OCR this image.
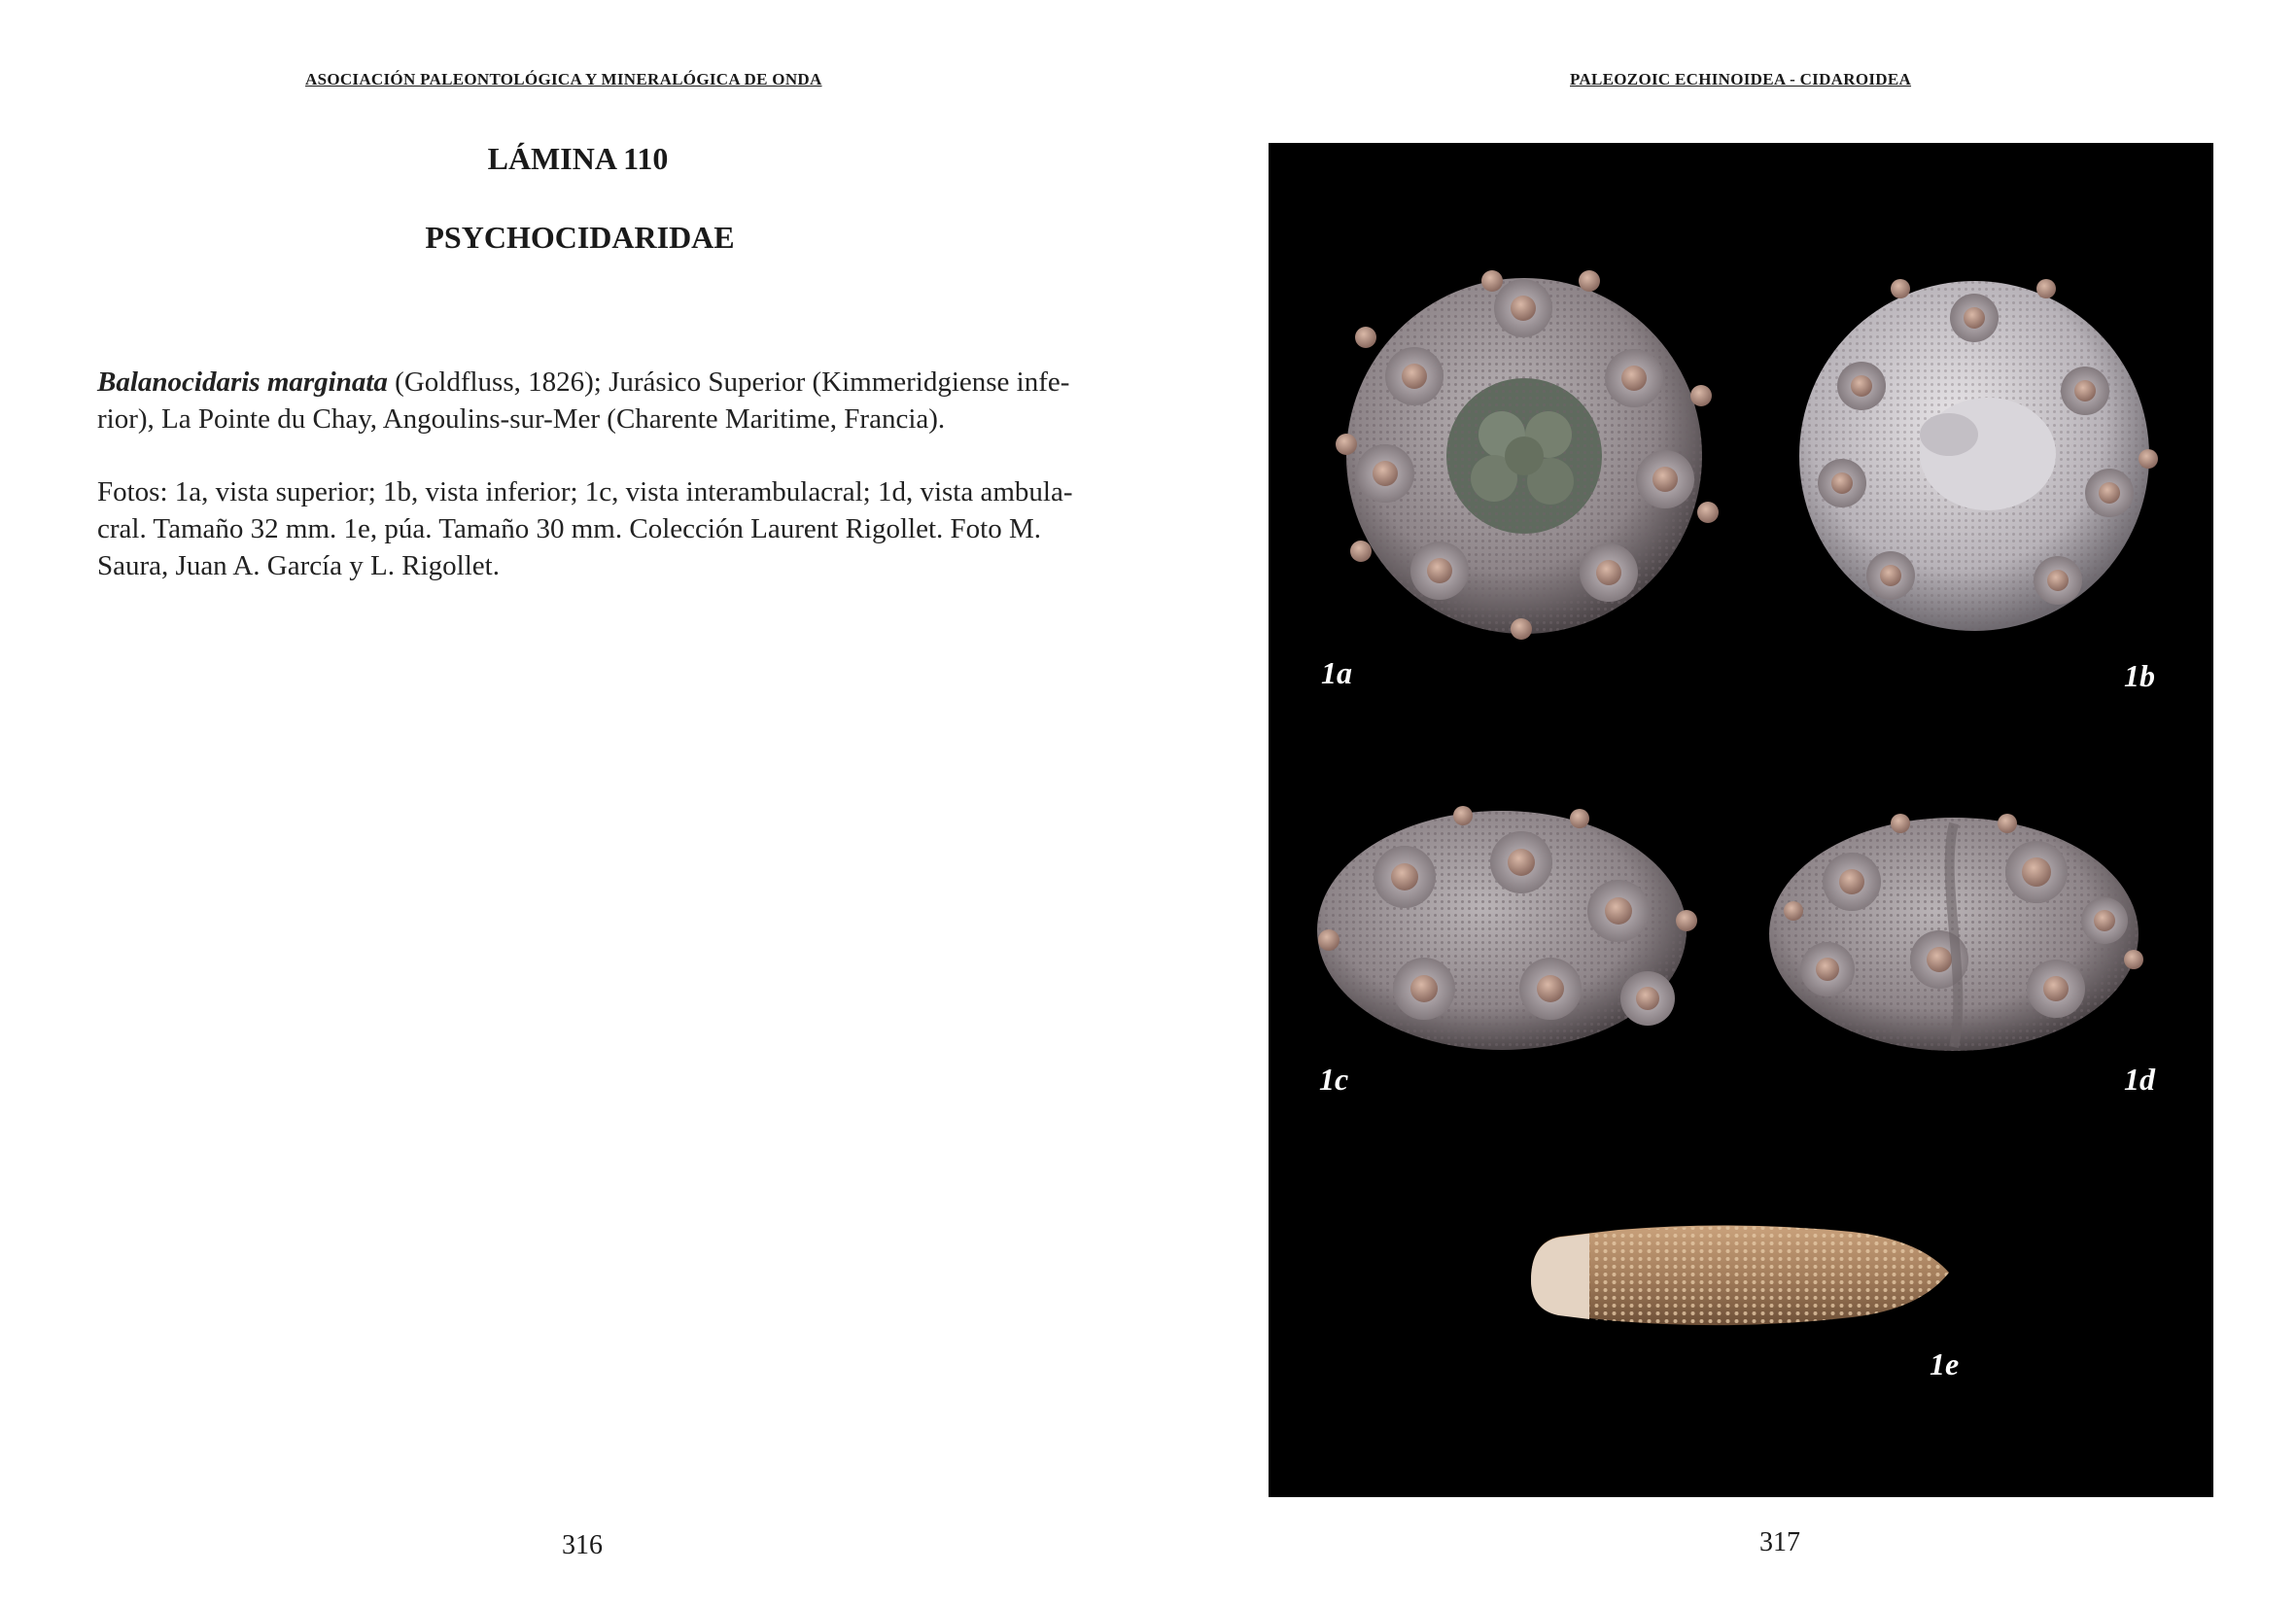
ASOCIACIÓN PALEONTOLÓGICA Y MINERALÓGICA DE ONDA
LÁMINA 110
PSYCHOCIDARIDAE
Balanocidaris marginata (Goldfluss, 1826); Jurásico Superior (Kimmeridgiense infe-
rior), La Pointe du Chay, Angoulins-sur-Mer (Charente Maritime, Francia).
Fotos: 1a, vista superior; 1b, vista inferior; 1c, vista interambulacral; 1d, vista ambula-
cral. Tamaño 32 mm. 1e, púa. Tamaño 30 mm. Colección Laurent Rigollet. Foto M.
Saura, Juan A. García y L. Rigollet.
316
PALEOZOIC ECHINOIDEA - CIDAROIDEA
1a	1b
1c	1d
1e
317
